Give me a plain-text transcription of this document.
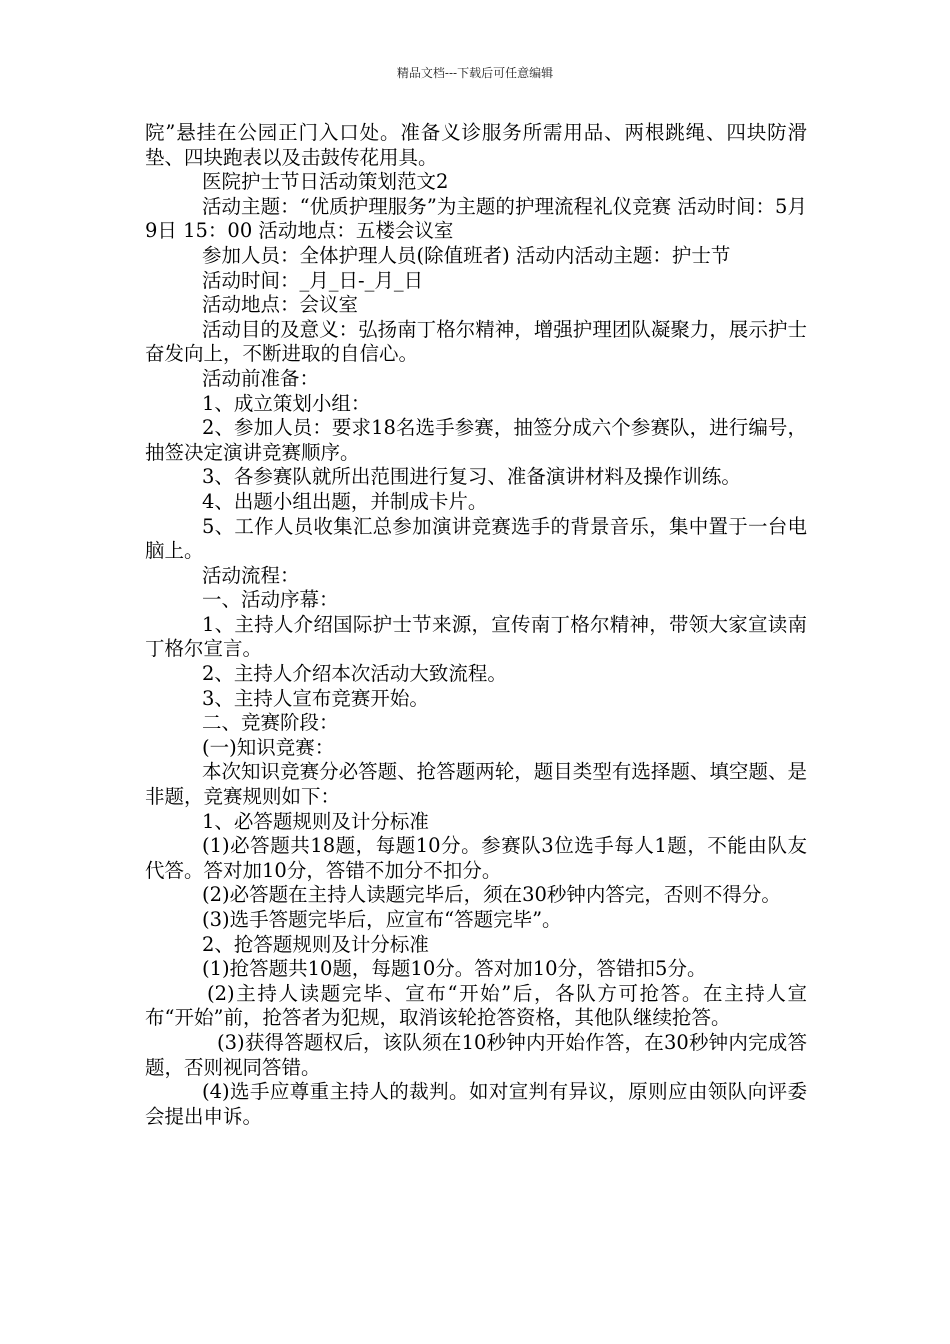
精品文档---下载后可任意编辑

院”悬挂在公园正门入口处。准备义诊服务所需用品、两根跳绳、四块防滑垫、四块跑表以及击鼓传花用具。

医院护士节日活动策划范文2

活动主题：“优质护理服务”为主题的护理流程礼仪竞赛 活动时间：5月9日 15：00 活动地点：五楼会议室

参加人员：全体护理人员(除值班者) 活动内活动主题：护士节

活动时间：_月_日-_月_日

活动地点：会议室

活动目的及意义：弘扬南丁格尔精神，增强护理团队凝聚力，展示护士奋发向上，不断进取的自信心。

活动前准备：

1、成立策划小组：

2、参加人员：要求18名选手参赛，抽签分成六个参赛队，进行编号，抽签决定演讲竞赛顺序。

3、各参赛队就所出范围进行复习、准备演讲材料及操作训练。

4、出题小组出题，并制成卡片。

5、工作人员收集汇总参加演讲竞赛选手的背景音乐，集中置于一台电脑上。

活动流程：

一、活动序幕：

1、主持人介绍国际护士节来源，宣传南丁格尔精神，带领大家宣读南丁格尔宣言。

2、主持人介绍本次活动大致流程。

3、主持人宣布竞赛开始。

二、竞赛阶段：

(一)知识竞赛：

本次知识竞赛分必答题、抢答题两轮，题目类型有选择题、填空题、是非题，竞赛规则如下：

1、必答题规则及计分标准

(1)必答题共18题，每题10分。参赛队3位选手每人1题，不能由队友代答。答对加10分，答错不加分不扣分。

(2)必答题在主持人读题完毕后，须在30秒钟内答完，否则不得分。

(3)选手答题完毕后，应宣布“答题完毕”。

2、抢答题规则及计分标准

(1)抢答题共10题，每题10分。答对加10分，答错扣5分。

(2)主持人读题完毕、宣布“开始”后，各队方可抢答。在主持人宣布“开始”前，抢答者为犯规，取消该轮抢答资格，其他队继续抢答。

(3)获得答题权后，该队须在10秒钟内开始作答，在30秒钟内完成答题，否则视同答错。

(4)选手应尊重主持人的裁判。如对宣判有异议，原则应由领队向评委会提出申诉。
